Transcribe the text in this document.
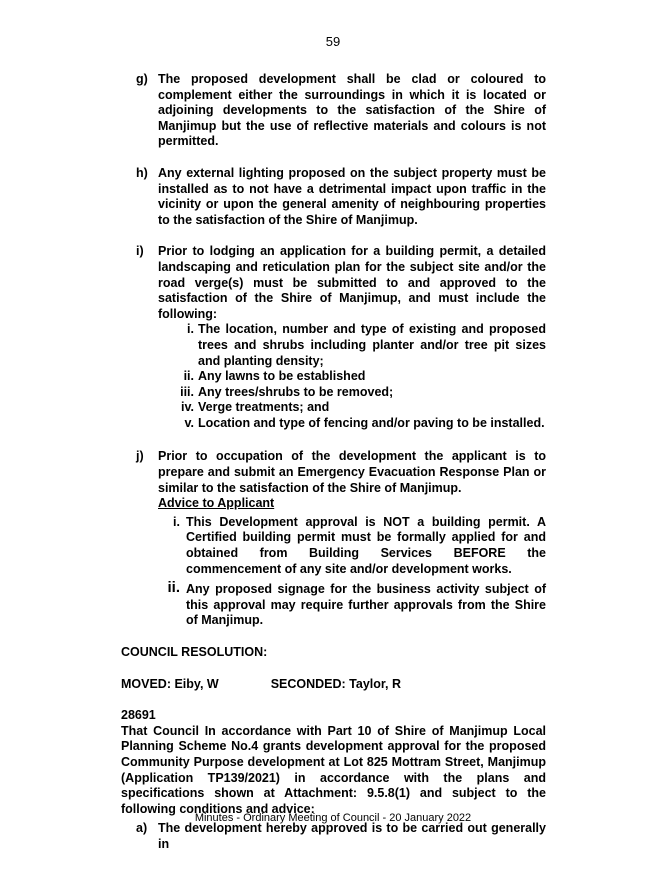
59
g) The proposed development shall be clad or coloured to complement either the surroundings in which it is located or adjoining developments to the satisfaction of the Shire of Manjimup but the use of reflective materials and colours is not permitted.
h) Any external lighting proposed on the subject property must be installed as to not have a detrimental impact upon traffic in the vicinity or upon the general amenity of neighbouring properties to the satisfaction of the Shire of Manjimup.
i) Prior to lodging an application for a building permit, a detailed landscaping and reticulation plan for the subject site and/or the road verge(s) must be submitted to and approved to the satisfaction of the Shire of Manjimup, and must include the following:
i. The location, number and type of existing and proposed trees and shrubs including planter and/or tree pit sizes and planting density;
ii. Any lawns to be established
iii. Any trees/shrubs to be removed;
iv. Verge treatments; and
v. Location and type of fencing and/or paving to be installed.
j) Prior to occupation of the development the applicant is to prepare and submit an Emergency Evacuation Response Plan or similar to the satisfaction of the Shire of Manjimup.
Advice to Applicant
i. This Development approval is NOT a building permit. A Certified building permit must be formally applied for and obtained from Building Services BEFORE the commencement of any site and/or development works.
ii. Any proposed signage for the business activity subject of this approval may require further approvals from the Shire of Manjimup.
COUNCIL RESOLUTION:
MOVED: Eiby, W	SECONDED: Taylor, R
28691
That Council In accordance with Part 10 of Shire of Manjimup Local Planning Scheme No.4 grants development approval for the proposed Community Purpose development at Lot 825 Mottram Street, Manjimup (Application TP139/2021) in accordance with the plans and specifications shown at Attachment: 9.5.8(1) and subject to the following conditions and advice:
a) The development hereby approved is to be carried out generally in
Minutes - Ordinary Meeting of Council - 20 January 2022
